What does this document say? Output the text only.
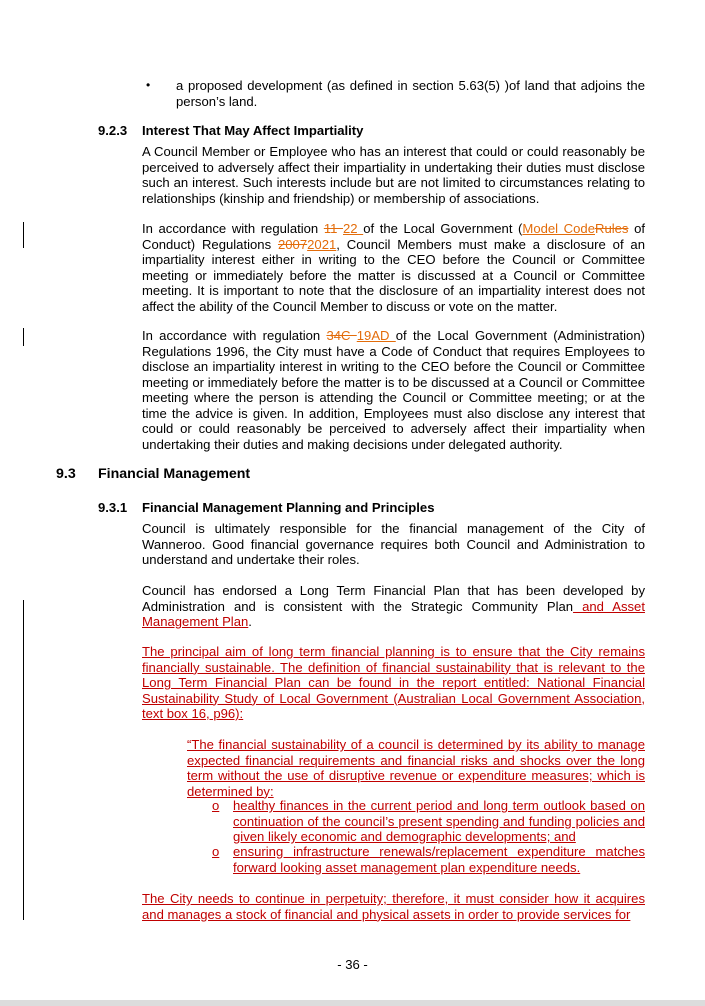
• a proposed development (as defined in section 5.63(5) )of land that adjoins the person’s land.

9.2.3 Interest That May Affect Impartiality

A Council Member or Employee who has an interest that could or could reasonably be perceived to adversely affect their impartiality in undertaking their duties must disclose such an interest. Such interests include but are not limited to circumstances relating to relationships (kinship and friendship) or membership of associations.

In accordance with regulation 11 22 of the Local Government (Model CodeRules of Conduct) Regulations 20072021, Council Members must make a disclosure of an impartiality interest either in writing to the CEO before the Council or Committee meeting or immediately before the matter is discussed at a Council or Committee meeting. It is important to note that the disclosure of an impartiality interest does not affect the ability of the Council Member to discuss or vote on the matter.

In accordance with regulation 34C 19AD of the Local Government (Administration) Regulations 1996, the City must have a Code of Conduct that requires Employees to disclose an impartiality interest in writing to the CEO before the Council or Committee meeting or immediately before the matter is to be discussed at a Council or Committee meeting where the person is attending the Council or Committee meeting; or at the time the advice is given. In addition, Employees must also disclose any interest that could or could reasonably be perceived to adversely affect their impartiality when undertaking their duties and making decisions under delegated authority.

9.3 Financial Management
9.3.1 Financial Management Planning and Principles

Council is ultimately responsible for the financial management of the City of Wanneroo. Good financial governance requires both Council and Administration to understand and undertake their roles.

Council has endorsed a Long Term Financial Plan that has been developed by Administration and is consistent with the Strategic Community Plan and Asset Management Plan.

The principal aim of long term financial planning is to ensure that the City remains financially sustainable. The definition of financial sustainability that is relevant to the Long Term Financial Plan can be found in the report entitled: National Financial Sustainability Study of Local Government (Australian Local Government Association, text box 16, p96):

“The financial sustainability of a council is determined by its ability to manage expected financial requirements and financial risks and shocks over the long term without the use of disruptive revenue or expenditure measures; which is determined by:

o healthy finances in the current period and long term outlook based on continuation of the council’s present spending and funding policies and given likely economic and demographic developments; and

o ensuring infrastructure renewals/replacement expenditure matches forward looking asset management plan expenditure needs.

The City needs to continue in perpetuity; therefore, it must consider how it acquires and manages a stock of financial and physical assets in order to provide services for

- 36 -
